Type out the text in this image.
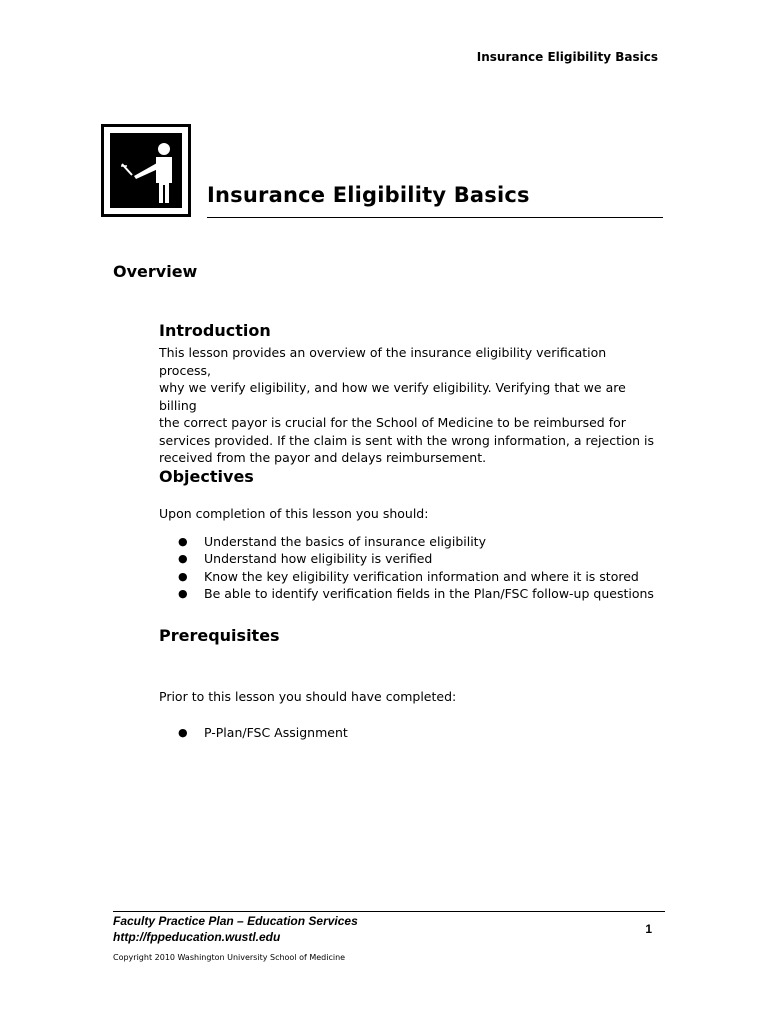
Insurance Eligibility Basics
Insurance Eligibility Basics
Overview
Introduction
This lesson provides an overview of the insurance eligibility verification process,
why we verify eligibility, and how we verify eligibility. Verifying that we are billing
the correct payor is crucial for the School of Medicine to be reimbursed for
services provided. If the claim is sent with the wrong information, a rejection is
received from the payor and delays reimbursement.
Objectives
Upon completion of this lesson you should:
● Understand the basics of insurance eligibility
● Understand how eligibility is verified
● Know the key eligibility verification information and where it is stored
● Be able to identify verification fields in the Plan/FSC follow-up questions
Prerequisites
Prior to this lesson you should have completed:
● P-Plan/FSC Assignment
Faculty Practice Plan – Education Services
http://fppeducation.wustl.edu
1
Copyright 2010 Washington University School of Medicine
